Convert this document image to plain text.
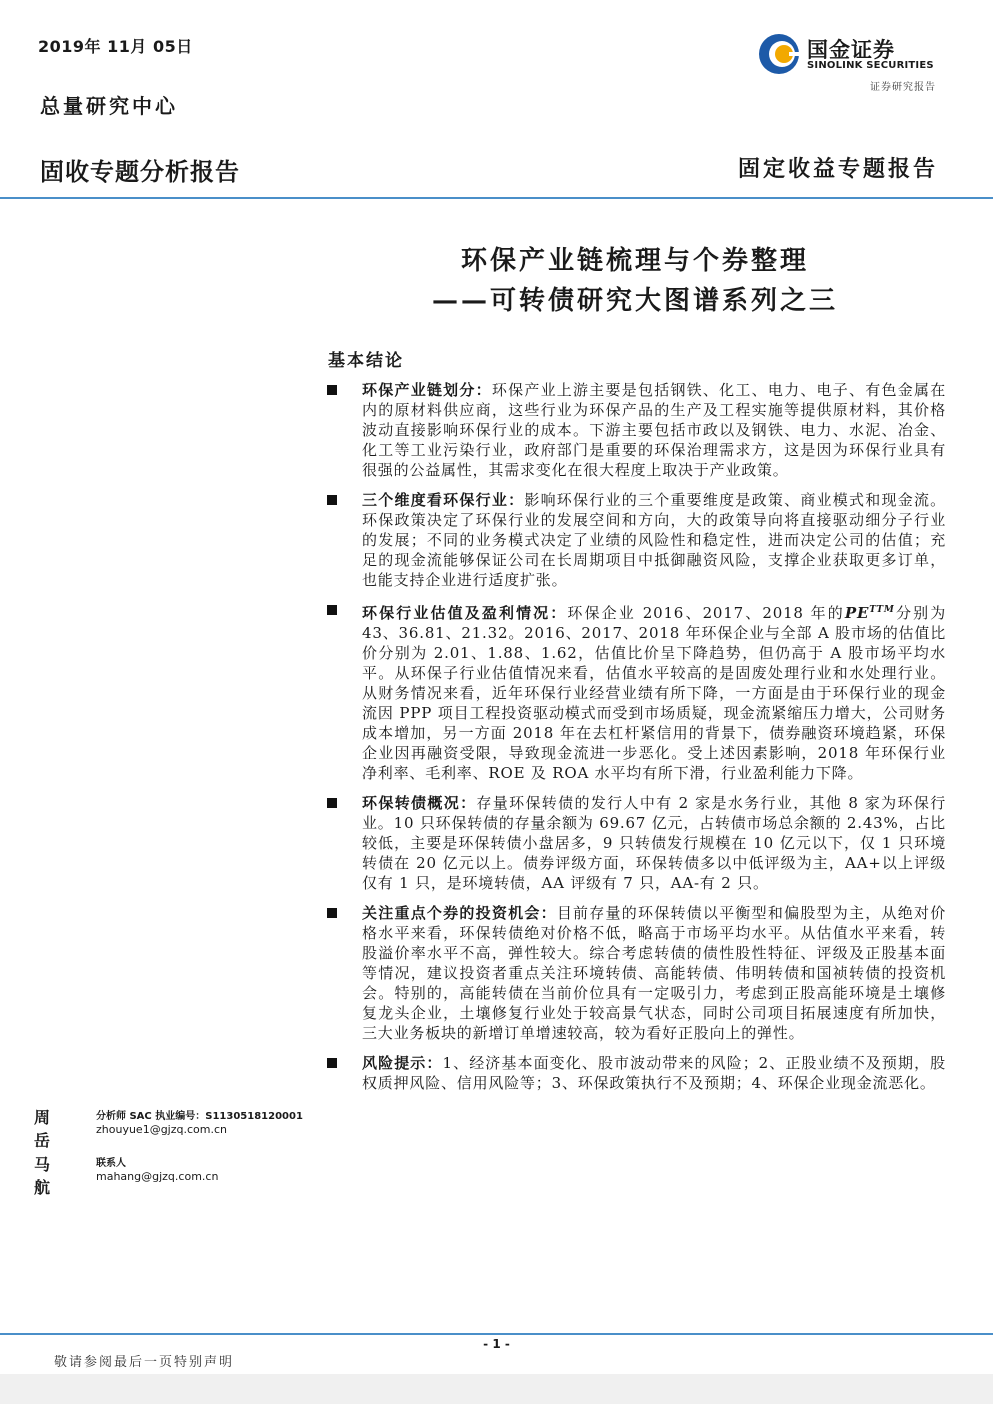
2019年 11月 05日
总量研究中心
国金证券
SINOLINK SECURITIES
证券研究报告
固收专题分析报告	固定收益专题报告
环保产业链梳理与个券整理
——可转债研究大图谱系列之三
基本结论
环保产业链划分：环保产业上游主要是包括钢铁、化工、电力、电子、有色金属在内的原材料供应商，这些行业为环保产品的生产及工程实施等提供原材料，其价格波动直接影响环保行业的成本。下游主要包括市政以及钢铁、电力、水泥、冶金、化工等工业污染行业，政府部门是重要的环保治理需求方，这是因为环保行业具有很强的公益属性，其需求变化在很大程度上取决于产业政策。
三个维度看环保行业：影响环保行业的三个重要维度是政策、商业模式和现金流。环保政策决定了环保行业的发展空间和方向，大的政策导向将直接驱动细分子行业的发展；不同的业务模式决定了业绩的风险性和稳定性，进而决定公司的估值；充足的现金流能够保证公司在长周期项目中抵御融资风险，支撑企业获取更多订单，也能支持企业进行适度扩张。
环保行业估值及盈利情况：环保企业 2016、2017、2018 年的$PE^{TTM}$分别为 43、36.81、21.32。2016、2017、2018 年环保企业与全部 A 股市场的估值比价分别为 2.01、1.88、1.62，估值比价呈下降趋势，但仍高于 A 股市场平均水平。从环保子行业估值情况来看，估值水平较高的是固废处理行业和水处理行业。从财务情况来看，近年环保行业经营业绩有所下降，一方面是由于环保行业的现金流因 PPP 项目工程投资驱动模式而受到市场质疑，现金流紧缩压力增大，公司财务成本增加，另一方面 2018 年在去杠杆紧信用的背景下，债券融资环境趋紧，环保企业因再融资受限，导致现金流进一步恶化。受上述因素影响，2018 年环保行业净利率、毛利率、ROE 及 ROA 水平均有所下滑，行业盈利能力下降。
环保转债概况：存量环保转债的发行人中有 2 家是水务行业，其他 8 家为环保行业。10 只环保转债的存量余额为 69.67 亿元，占转债市场总余额的 2.43%，占比较低，主要是环保转债小盘居多，9 只转债发行规模在 10 亿元以下，仅 1 只环境转债在 20 亿元以上。债券评级方面，环保转债多以中低评级为主，AA+以上评级仅有 1 只，是环境转债，AA 评级有 7 只，AA-有 2 只。
关注重点个券的投资机会：目前存量的环保转债以平衡型和偏股型为主，从绝对价格水平来看，环保转债绝对价格不低，略高于市场平均水平。从估值水平来看，转股溢价率水平不高，弹性较大。综合考虑转债的债性股性特征、评级及正股基本面等情况，建议投资者重点关注环境转债、高能转债、伟明转债和国祯转债的投资机会。特别的，高能转债在当前价位具有一定吸引力，考虑到正股高能环境是土壤修复龙头企业，土壤修复行业处于较高景气状态，同时公司项目拓展速度有所加快，三大业务板块的新增订单增速较高，较为看好正股向上的弹性。
风险提示：1、经济基本面变化、股市波动带来的风险；2、正股业绩不及预期，股权质押风险、信用风险等；3、环保政策执行不及预期；4、环保企业现金流恶化。
周岳
分析师 SAC 执业编号：S1130518120001
zhouyue1@gjzq.com.cn
马航
联系人
mahang@gjzq.com.cn
- 1 -
敬请参阅最后一页特别声明
